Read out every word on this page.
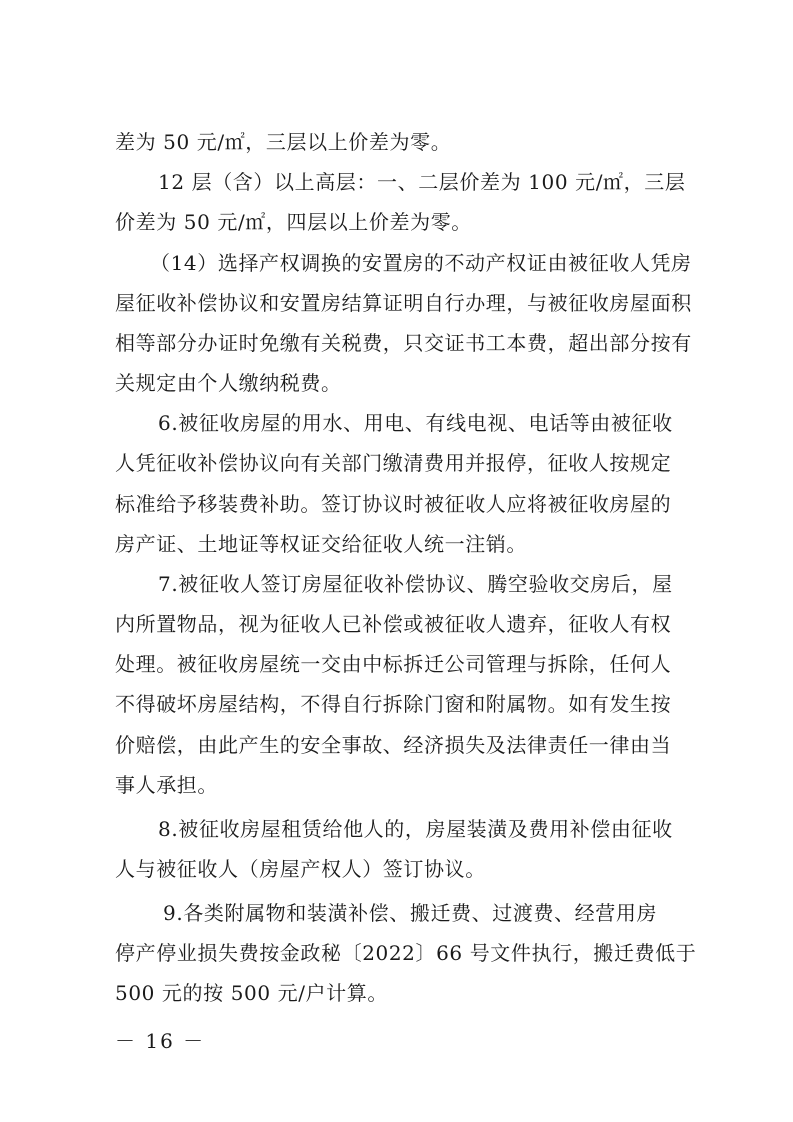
差为 50 元/㎡，三层以上价差为零。
12 层（含）以上高层：一、二层价差为 100 元/㎡，三层
价差为 50 元/㎡，四层以上价差为零。
（14）选择产权调换的安置房的不动产权证由被征收人凭房
屋征收补偿协议和安置房结算证明自行办理，与被征收房屋面积
相等部分办证时免缴有关税费，只交证书工本费，超出部分按有
关规定由个人缴纳税费。
6.被征收房屋的用水、用电、有线电视、电话等由被征收
人凭征收补偿协议向有关部门缴清费用并报停，征收人按规定
标准给予移装费补助。签订协议时被征收人应将被征收房屋的
房产证、土地证等权证交给征收人统一注销。
7.被征收人签订房屋征收补偿协议、腾空验收交房后，屋
内所置物品，视为征收人已补偿或被征收人遗弃，征收人有权
处理。被征收房屋统一交由中标拆迁公司管理与拆除，任何人
不得破坏房屋结构，不得自行拆除门窗和附属物。如有发生按
价赔偿，由此产生的安全事故、经济损失及法律责任一律由当
事人承担。
8.被征收房屋租赁给他人的，房屋装潢及费用补偿由征收
人与被征收人（房屋产权人）签订协议。
9.各类附属物和装潢补偿、搬迁费、过渡费、经营用房
停产停业损失费按金政秘〔2022〕66 号文件执行，搬迁费低于
500 元的按 500 元/户计算。
－ 16 －
